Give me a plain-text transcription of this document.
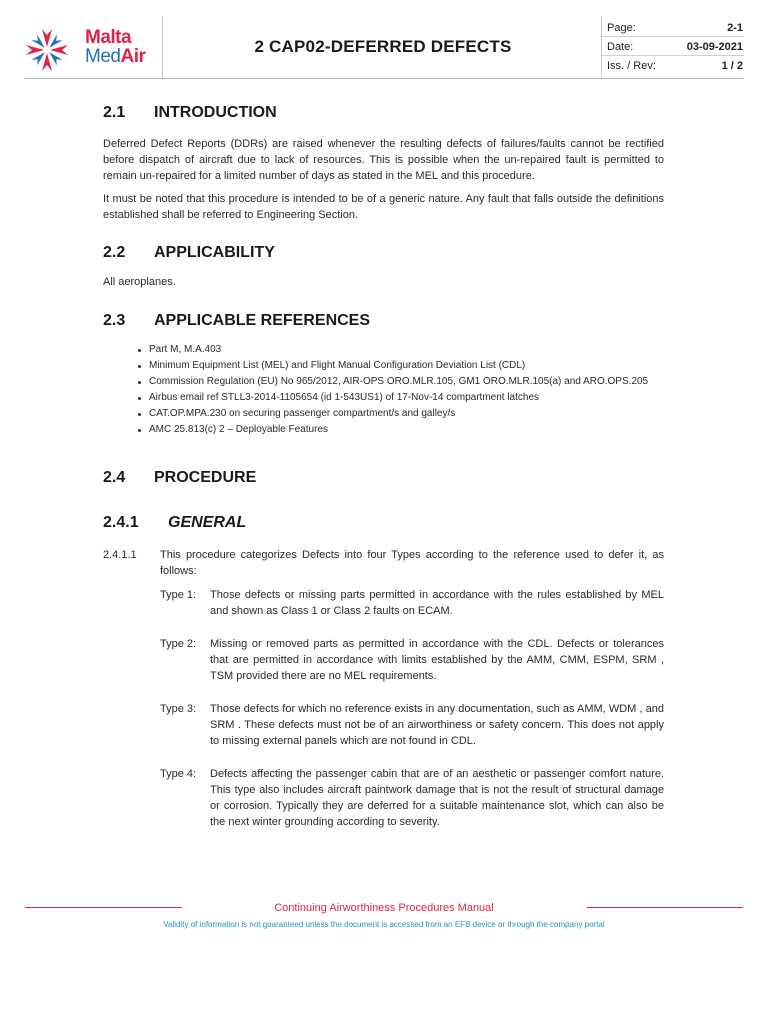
Malta
MedAir	2 CAP02-DEFERRED DEFECTS
Page:	2-1
Date:	03-09-2021
Iss. / Rev:	1 / 2
2.1 INTRODUCTION
Deferred Defect Reports (DDRs) are raised whenever the resulting defects of failures/faults cannot be rectified before dispatch of aircraft due to lack of resources. This is possible when the un-repaired fault is permitted to remain un-repaired for a limited number of days as stated in the MEL and this procedure.
It must be noted that this procedure is intended to be of a generic nature. Any fault that falls outside the definitions established shall be referred to Engineering Section.
2.2 APPLICABILITY
All aeroplanes.
2.3 APPLICABLE REFERENCES
Part M, M.A.403
Minimum Equipment List (MEL) and Flight Manual Configuration Deviation List (CDL)
Commission Regulation (EU) No 965/2012, AIR-OPS ORO.MLR.105, GM1 ORO.MLR.105(a) and ARO.OPS.205
Airbus email ref STLL3-2014-1105654 (id 1-543US1) of 17-Nov-14 compartment latches
CAT.OP.MPA.230 on securing passenger compartment/s and galley/s
AMC 25.813(c) 2 – Deployable Features
2.4 PROCEDURE
2.4.1 GENERAL
2.4.1.1 This procedure categorizes Defects into four Types according to the reference used to defer it, as follows:
Type 1: Those defects or missing parts permitted in accordance with the rules established by MEL and shown as Class 1 or Class 2 faults on ECAM.
Type 2: Missing or removed parts as permitted in accordance with the CDL. Defects or tolerances that are permitted in accordance with limits established by the AMM, CMM, ESPM, SRM , TSM provided there are no MEL requirements.
Type 3: Those defects for which no reference exists in any documentation, such as AMM, WDM , and SRM . These defects must not be of an airworthiness or safety concern. This does not apply to missing external panels which are not found in CDL.
Type 4: Defects affecting the passenger cabin that are of an aesthetic or passenger comfort nature. This type also includes aircraft paintwork damage that is not the result of structural damage or corrosion. Typically they are deferred for a suitable maintenance slot, which can also be the next winter grounding according to severity.
Continuing Airworthiness Procedures Manual
Validity of information is not guaranteed unless the document is accessed from an EFB device or through the company portal
